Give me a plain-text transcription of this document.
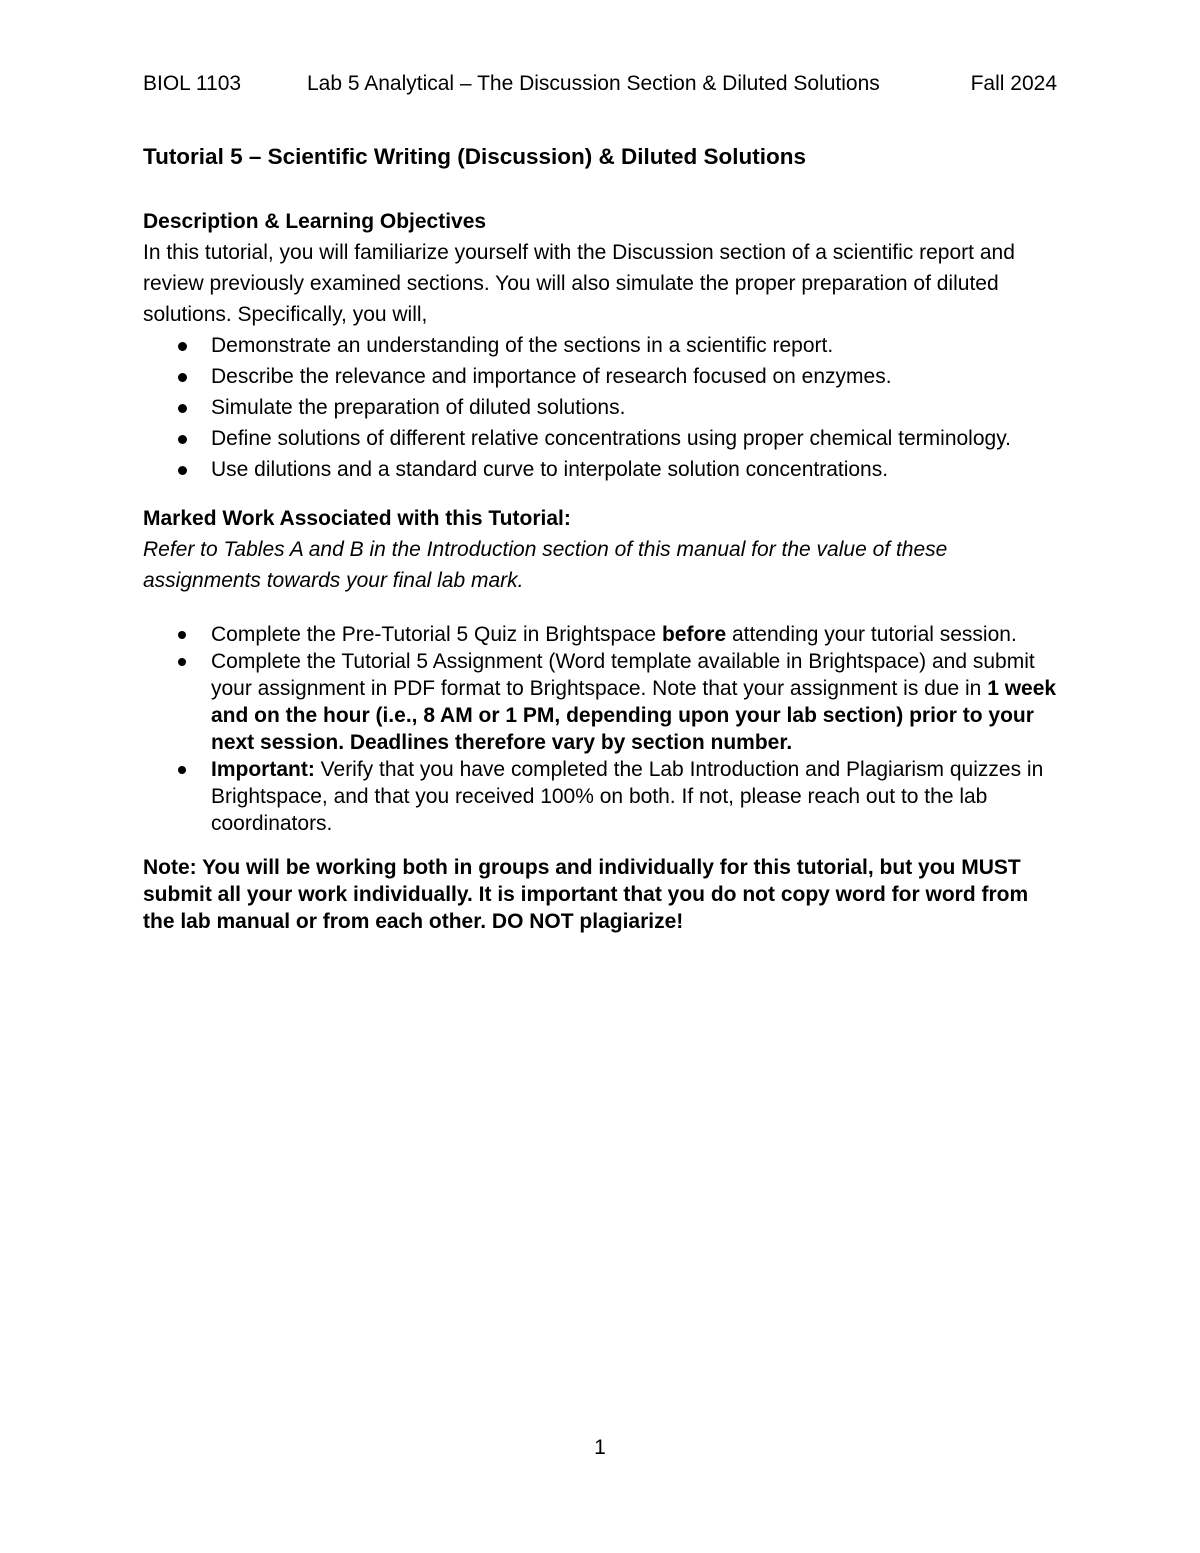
BIOL 1103	Lab 5 Analytical – The Discussion Section & Diluted Solutions	Fall 2024
Tutorial 5 – Scientific Writing (Discussion) & Diluted Solutions
Description & Learning Objectives

In this tutorial, you will familiarize yourself with the Discussion section of a scientific report and review previously examined sections. You will also simulate the proper preparation of diluted solutions. Specifically, you will,

Demonstrate an understanding of the sections in a scientific report.
Describe the relevance and importance of research focused on enzymes.
Simulate the preparation of diluted solutions.
Define solutions of different relative concentrations using proper chemical terminology.
Use dilutions and a standard curve to interpolate solution concentrations.
Marked Work Associated with this Tutorial:

Refer to Tables A and B in the Introduction section of this manual for the value of these assignments towards your final lab mark.

Complete the Pre-Tutorial 5 Quiz in Brightspace before attending your tutorial session.
Complete the Tutorial 5 Assignment (Word template available in Brightspace) and submit your assignment in PDF format to Brightspace. Note that your assignment is due in 1 week and on the hour (i.e., 8 AM or 1 PM, depending upon your lab section) prior to your next session. Deadlines therefore vary by section number.
Important: Verify that you have completed the Lab Introduction and Plagiarism quizzes in Brightspace, and that you received 100% on both. If not, please reach out to the lab coordinators.

Note: You will be working both in groups and individually for this tutorial, but you MUST submit all your work individually. It is important that you do not copy word for word from the lab manual or from each other. DO NOT plagiarize!

1
